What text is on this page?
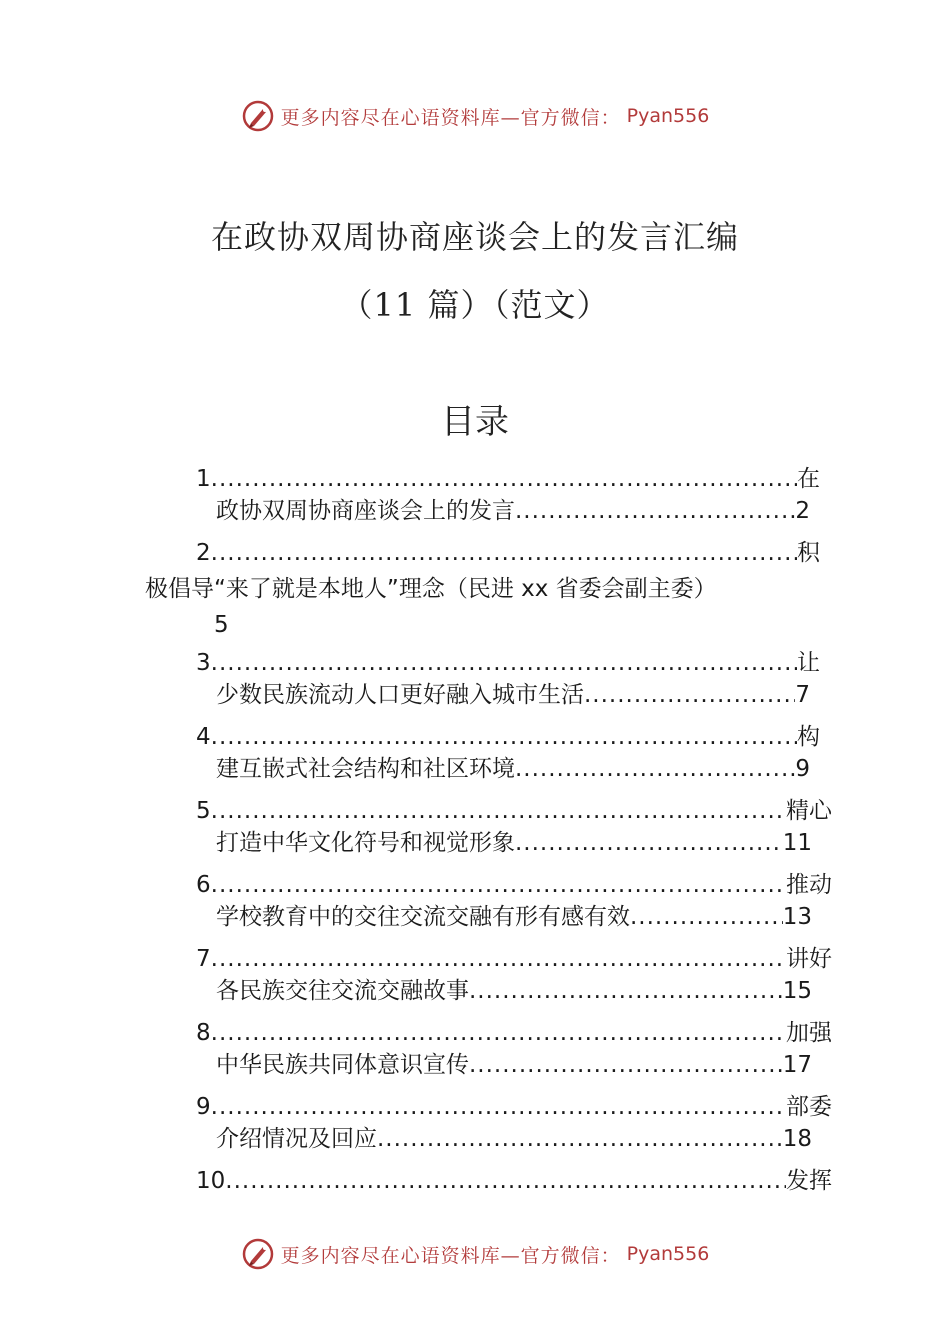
更多内容尽在心语资料库—官方微信： Pyan556
在政协双周协商座谈会上的发言汇编
（11 篇）（范文）
目录
1 .....	在
政协双周协商座谈会上的发言 .....	2
2 .....	积
极倡导“来了就是本地人”理念（民进 xx 省委会副主委）
5
3 .....	让
少数民族流动人口更好融入城市生活 .....	7
4 .....	构
建互嵌式社会结构和社区环境 .....	9
5 .....	精心
打造中华文化符号和视觉形象 .....	11
6 .....	推动
学校教育中的交往交流交融有形有感有效 .....	13
7 .....	讲好
各民族交往交流交融故事 .....	15
8 .....	加强
中华民族共同体意识宣传 .....	17
9 .....	部委
介绍情况及回应 .....	18
10 .....	发挥
更多内容尽在心语资料库—官方微信： Pyan556
